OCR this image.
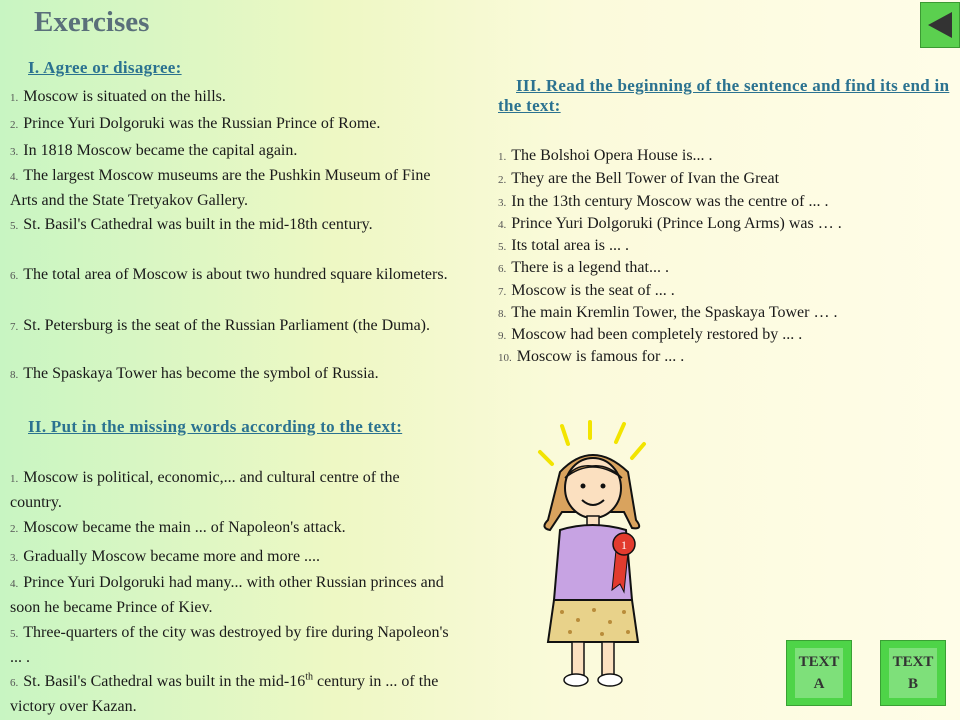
Exercises
I. Agree or disagree:
1. Moscow is situated on the hills.
2. Prince Yuri Dolgoruki was the Russian Prince of Rome.
3. In 1818 Moscow became the capital again.
4. The largest Moscow museums are the Pushkin Museum of Fine Arts and the State Tretyakov Gallery.
5. St. Basil's Cathedral was built in the mid-18th century.
6. The total area of Moscow is about two hundred square kilometers.
7. St. Petersburg is the seat of the Russian Parliament (the Duma).
8. The Spaskaya Tower has become the symbol of Russia.
II. Put in the missing words according to the text:
1. Moscow is political, economic,... and cultural centre of the country.
2. Moscow became the main ... of Napoleon's attack.
3. Gradually Moscow became more and more ....
4. Prince Yuri Dolgoruki had many... with other Russian princes and soon he became Prince of Kiev.
5. Three-quarters of the city was destroyed by fire during Napoleon's ... .
6. St. Basil's Cathedral was built in the mid-16th century in ... of the victory over Kazan.
III. Read the beginning of the sentence and find its end in the text:
1. The Bolshoi Opera House is... .
2. They are the Bell Tower of Ivan the Great
3. In the 13th century Moscow was the centre of ... .
4. Prince Yuri Dolgoruki (Prince Long Arms) was … .
5. Its total area is ... .
6. There is a legend that... .
7. Moscow is the seat of ... .
8. The main Kremlin Tower, the Spaskaya Tower … .
9. Moscow had been completely restored by ... .
10. Moscow is famous for ... .
1
TEXT
A
TEXT
B
